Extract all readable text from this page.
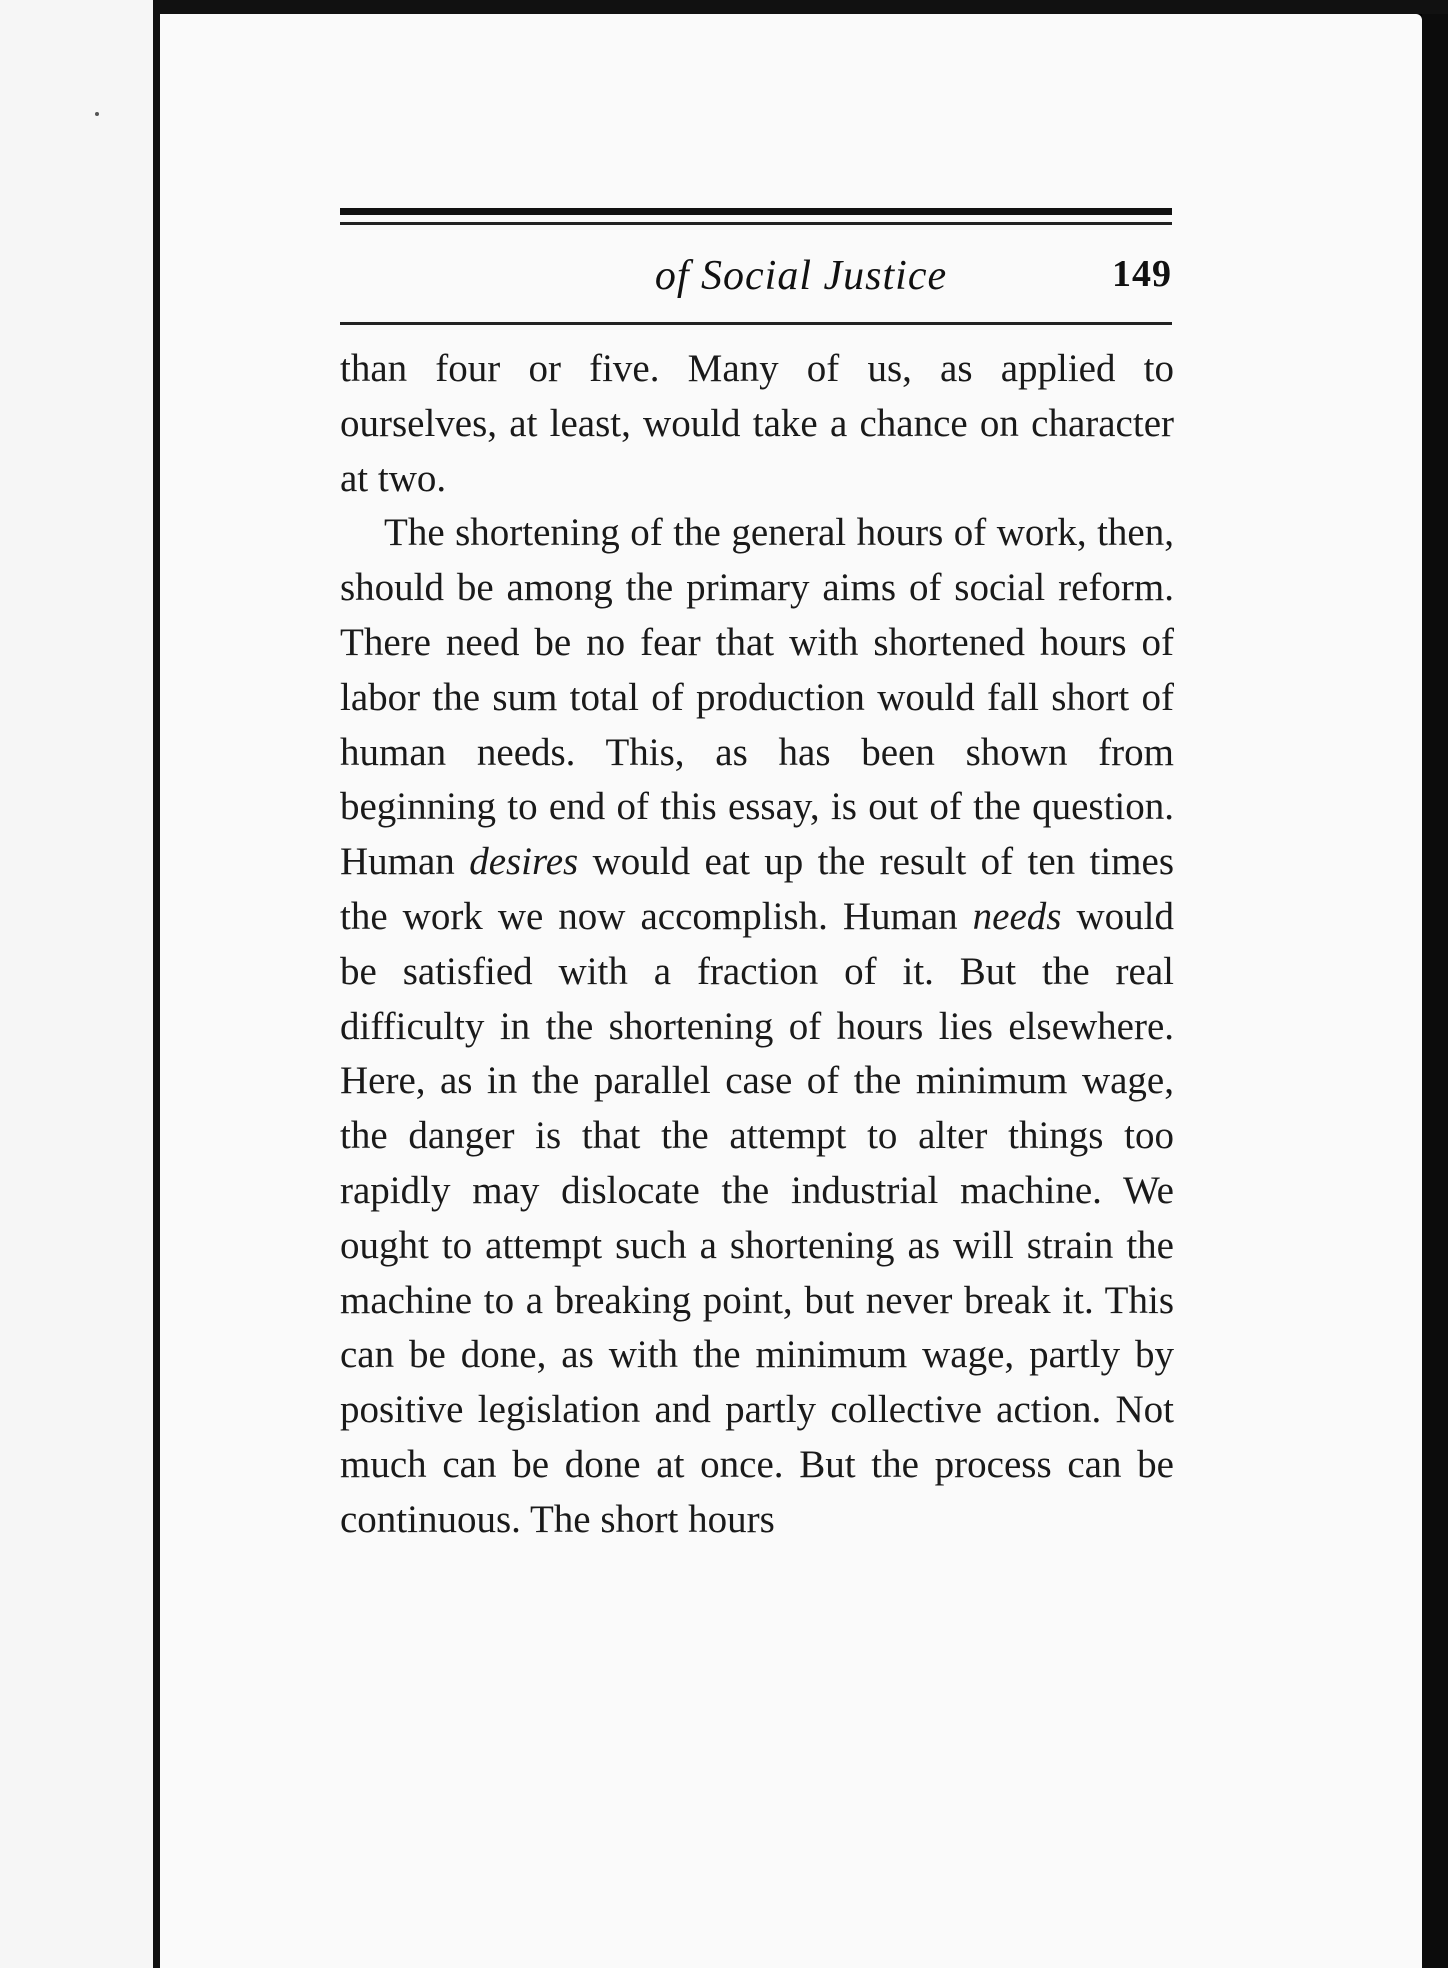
of Social Justice	149

than four or five. Many of us, as applied to ourselves, at least, would take a chance on character at two.

The shortening of the general hours of work, then, should be among the primary aims of social reform. There need be no fear that with shortened hours of labor the sum total of production would fall short of human needs. This, as has been shown from beginning to end of this essay, is out of the question. Human desires would eat up the result of ten times the work we now accomplish. Human needs would be satisfied with a fraction of it. But the real difficulty in the shortening of hours lies elsewhere. Here, as in the parallel case of the minimum wage, the danger is that the attempt to alter things too rapidly may dislocate the industrial machine. We ought to attempt such a shortening as will strain the machine to a breaking point, but never break it. This can be done, as with the minimum wage, partly by positive legislation and partly collective action. Not much can be done at once. But the process can be continuous. The short hours
